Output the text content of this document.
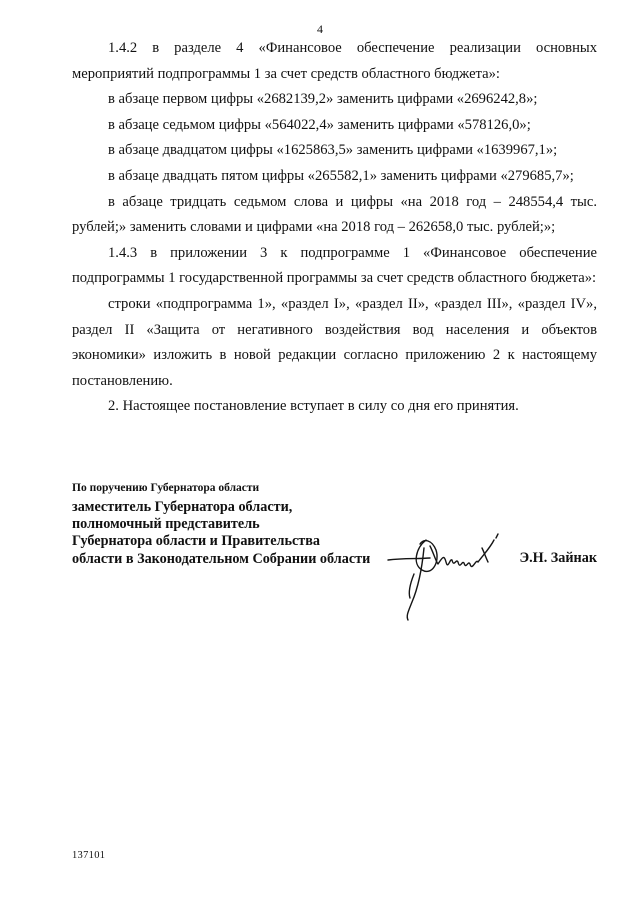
4

1.4.2 в разделе 4 «Финансовое обеспечение реализации основных мероприятий подпрограммы 1 за счет средств областного бюджета»:

в абзаце первом цифры «2682139,2» заменить цифрами «2696242,8»;

в абзаце седьмом цифры «564022,4» заменить цифрами «578126,0»;

в абзаце двадцатом цифры «1625863,5» заменить цифрами «1639967,1»;

в абзаце двадцать пятом цифры «265582,1» заменить цифрами «279685,7»;

в абзаце тридцать седьмом слова и цифры «на 2018 год – 248554,4 тыс. рублей;» заменить словами и цифрами «на 2018 год – 262658,0 тыс. рублей;»;

1.4.3 в приложении 3 к подпрограмме 1 «Финансовое обеспечение подпрограммы 1 государственной программы за счет средств областного бюджета»:

строки «подпрограмма 1», «раздел I», «раздел II», «раздел III», «раздел IV», раздел II «Защита от негативного воздействия вод населения и объектов экономики» изложить в новой редакции согласно приложению 2 к настоящему постановлению.

2. Настоящее постановление вступает в силу со дня его принятия.

По поручению Губернатора области
заместитель Губернатора области,
полномочный представитель
Губернатора области и Правительства
области в Законодательном Собрании области	Э.Н. Зайнак
137101
